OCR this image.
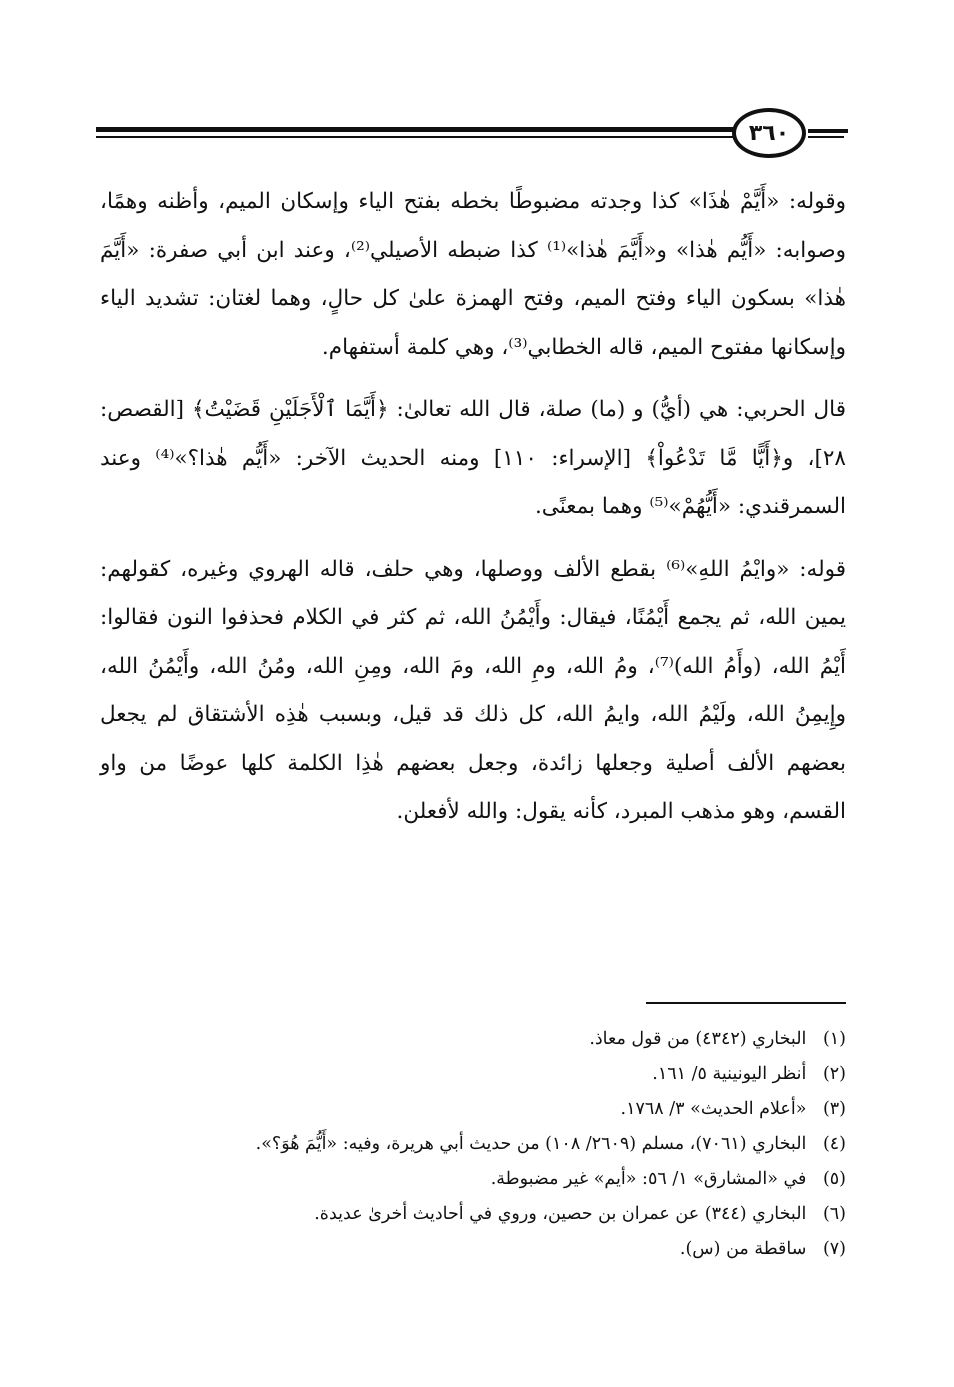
٣٦٠

وقوله: «أَيَّمْ هٰذَا» كذا وجدته مضبوطًا بخطه بفتح الياء وإسكان الميم، وأظنه وهمًا، وصوابه: «أَيُّم هٰذا» و«أَيَّمَ هٰذا»⁽¹⁾ كذا ضبطه الأصيلي⁽²⁾، وعند ابن أبي صفرة: «أَيَّمَ هٰذا» بسكون الياء وفتح الميم، وفتح الهمزة علىٰ كل حالٍ، وهما لغتان: تشديد الياء وإسكانها مفتوح الميم، قاله الخطابي⁽³⁾، وهي كلمة أستفهام.

قال الحربي: هي (أيُّ) و (ما) صلة، قال الله تعالىٰ: ﴿أَيَّمَا ٱلْأَجَلَيْنِ قَضَيْتُ﴾ [القصص: ٢٨]، و﴿أَيًّا مَّا تَدْعُواْ﴾ [الإسراء: ١١٠] ومنه الحديث الآخر: «أَيُّم هٰذا؟»⁽⁴⁾ وعند السمرقندي: «أَيُّهُمْ»⁽⁵⁾ وهما بمعنًى.

قوله: «وايْمُ اللهِ»⁽⁶⁾ بقطع الألف ووصلها، وهي حلف، قاله الهروي وغيره، كقولهم: يمين الله، ثم يجمع أَيْمُنًا، فيقال: وأَيْمُنُ الله، ثم كثر في الكلام فحذفوا النون فقالوا: أَيْمُ الله، (وأَمُ الله)⁽⁷⁾، ومُ الله، ومِ الله، ومَ الله، ومِنِ الله، ومُنُ الله، وأَيْمُنُ الله، وإِيمِنُ الله، ولَيْمُ الله، وايمُ الله، كل ذلك قد قيل، وبسبب هٰذِه الأشتقاق لم يجعل بعضهم الألف أصلية وجعلها زائدة، وجعل بعضهم هٰذِا الكلمة كلها عوضًا من واو القسم، وهو مذهب المبرد، كأنه يقول: والله لأفعلن.

(١) البخاري (٤٣٤٢) من قول معاذ.
(٢) أنظر اليونينية ٥/ ١٦١.
(٣) «أعلام الحديث» ٣/ ١٧٦٨.
(٤) البخاري (٧٠٦١)، مسلم (٢٦٠٩/ ١٠٨) من حديث أبي هريرة، وفيه: «أَيُّمَ هُوَ؟».
(٥) في «المشارق» ١/ ٥٦: «أيم» غير مضبوطة.
(٦) البخاري (٣٤٤) عن عمران بن حصين، وروي في أحاديث أخرىٰ عديدة.
(٧) ساقطة من (س).
